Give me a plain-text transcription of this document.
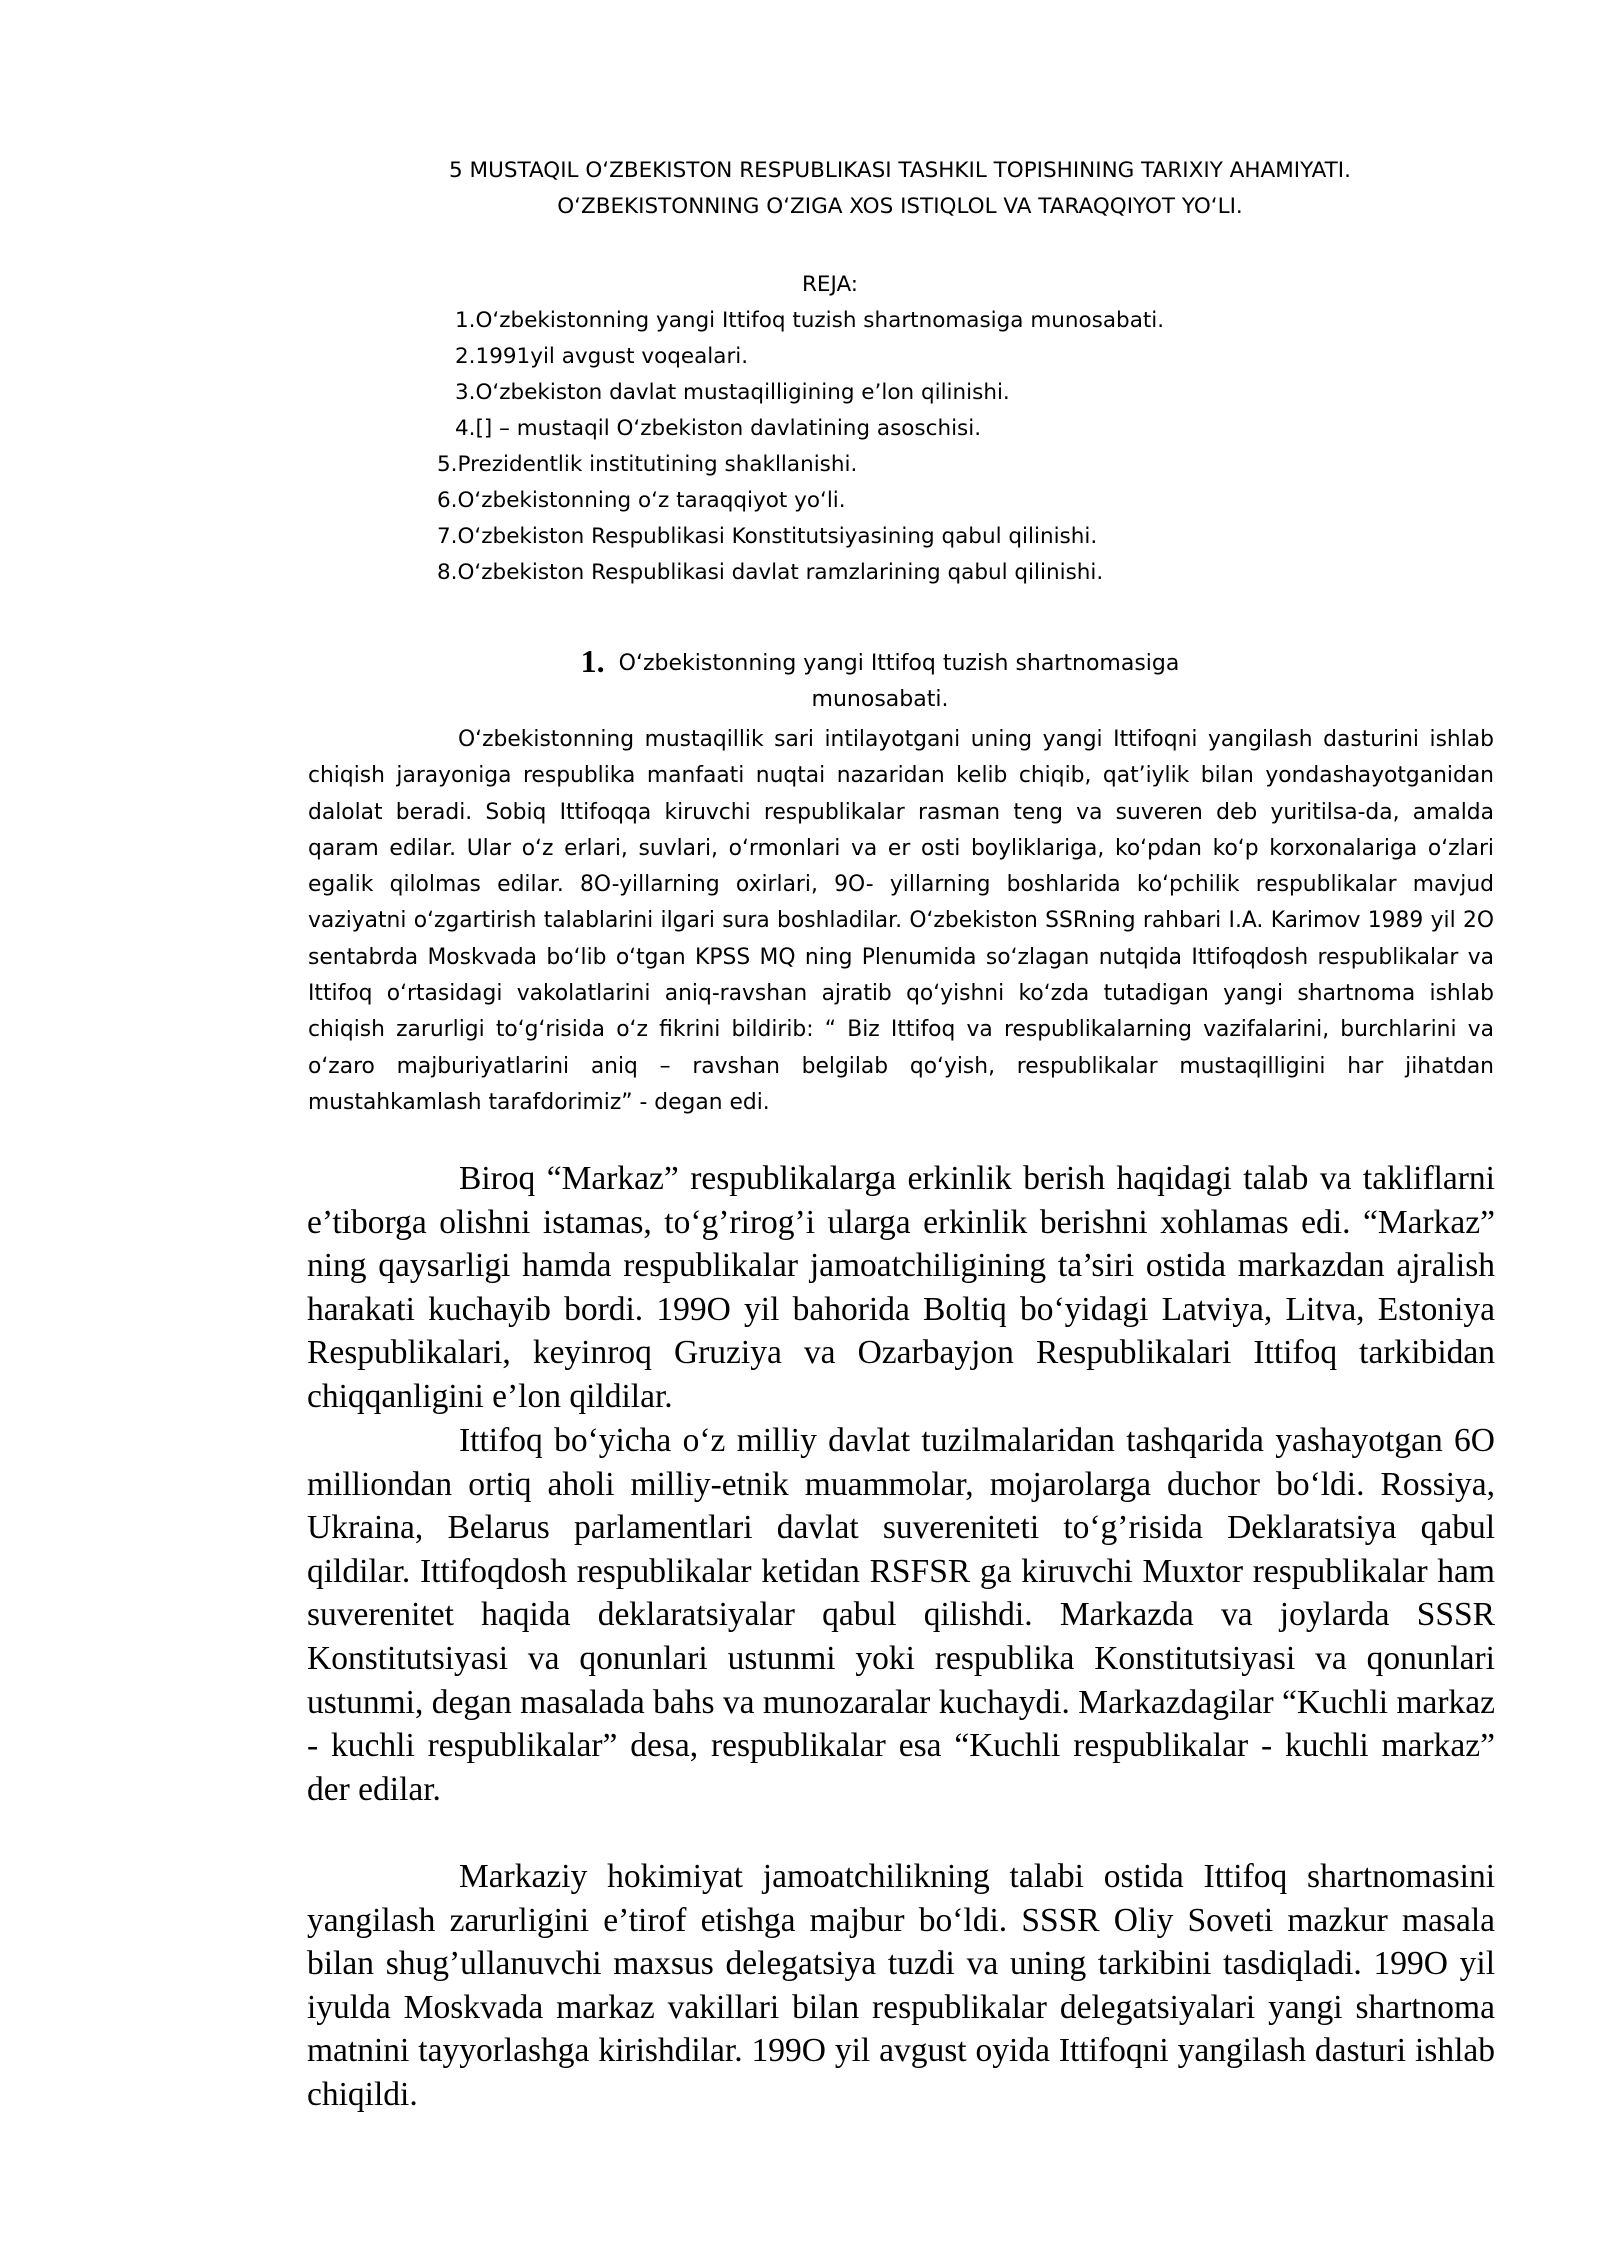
5 MUSTAQIL OʻZBEKISTON RESPUBLIKASI TASHKIL TOPISHINING TARIXIY AHAMIYATI.
OʻZBEKISTONNING OʻZIGA XOS ISTIQLOL VA TARAQQIYOT YOʻLI.
REJA:
1.Oʻzbekistonning yangi Ittifoq tuzish shartnomasiga munosabati.
2.1991yil avgust voqealari.
3.Oʻzbekiston davlat mustaqilligining e’lon qilinishi.
4.[] – mustaqil Oʻzbekiston davlatining asoschisi.
5.Prezidentlik institutining shakllanishi.
6.Oʻzbekistonning oʻz taraqqiyot yoʻli.
7.Oʻzbekiston Respublikasi Konstitutsiyasining qabul qilinishi.
8.Oʻzbekiston Respublikasi davlat ramzlarining qabul qilinishi.
1. Oʻzbekistonning yangi Ittifoq tuzish shartnomasiga
munosabati.

Oʻzbekistonning mustaqillik sari intilayotgani uning yangi Ittifoqni yangilash dasturini ishlab chiqish jarayoniga respublika manfaati nuqtai nazaridan kelib chiqib, qat’iylik bilan yondashayotganidan dalolat beradi. Sobiq Ittifoqqa kiruvchi respublikalar rasman teng va suveren deb yuritilsa-da, amalda qaram edilar. Ular oʻz erlari, suvlari, oʻrmonlari va er osti boyliklariga, koʻpdan koʻp korxonalariga oʻzlari egalik qilolmas edilar. 8O-yillarning oxirlari, 9O- yillarning boshlarida koʻpchilik respublikalar mavjud vaziyatni oʻzgartirish talablarini ilgari sura boshladilar. Oʻzbekiston SSRning rahbari I.A. Karimov 1989 yil 2O sentabrda Moskvada boʻlib oʻtgan KPSS MQ ning Plenumida soʻzlagan nutqida Ittifoqdosh respublikalar va Ittifoq oʻrtasidagi vakolatlarini aniq-ravshan ajratib qoʻyishni koʻzda tutadigan yangi shartnoma ishlab chiqish zarurligi toʻgʻrisida oʻz fikrini bildirib: “ Biz Ittifoq va respublikalarning vazifalarini, burchlarini va oʻzaro majburiyatlarini aniq – ravshan belgilab qoʻyish, respublikalar mustaqilligini har jihatdan mustahkamlash tarafdorimiz” - degan edi.

Biroq “Markaz” respublikalarga erkinlik berish haqidagi talab va takliflarni e’tiborga olishni istamas, toʻg’rirog’i ularga erkinlik berishni xohlamas edi. “Markaz” ning qaysarligi hamda respublikalar jamoatchiligining ta’siri ostida markazdan ajralish harakati kuchayib bordi. 199O yil bahorida Boltiq boʻyidagi Latviya, Litva, Estoniya Respublikalari, keyinroq Gruziya va Ozarbayjon Respublikalari Ittifoq tarkibidan chiqqanligini e’lon qildilar.

Ittifoq boʻyicha oʻz milliy davlat tuzilmalaridan tashqarida yashayotgan 6O milliondan ortiq aholi milliy-etnik muammolar, mojarolarga duchor boʻldi. Rossiya, Ukraina, Belarus parlamentlari davlat suvereniteti toʻg’risida Deklaratsiya qabul qildilar. Ittifoqdosh respublikalar ketidan RSFSR ga kiruvchi Muxtor respublikalar ham suverenitet haqida deklaratsiyalar qabul qilishdi. Markazda va joylarda SSSR Konstitutsiyasi va qonunlari ustunmi yoki respublika Konstitutsiyasi va qonunlari ustunmi, degan masalada bahs va munozaralar kuchaydi. Markazdagilar “Kuchli markaz - kuchli respublikalar” desa, respublikalar esa “Kuchli respublikalar - kuchli markaz” der edilar.

Markaziy hokimiyat jamoatchilikning talabi ostida Ittifoq shartnomasini yangilash zarurligini e’tirof etishga majbur boʻldi. SSSR Oliy Soveti mazkur masala bilan shug’ullanuvchi maxsus delegatsiya tuzdi va uning tarkibini tasdiqladi. 199O yil iyulda Moskvada markaz vakillari bilan respublikalar delegatsiyalari yangi shartnoma matnini tayyorlashga kirishdilar. 199O yil avgust oyida Ittifoqni yangilash dasturi ishlab chiqildi.
